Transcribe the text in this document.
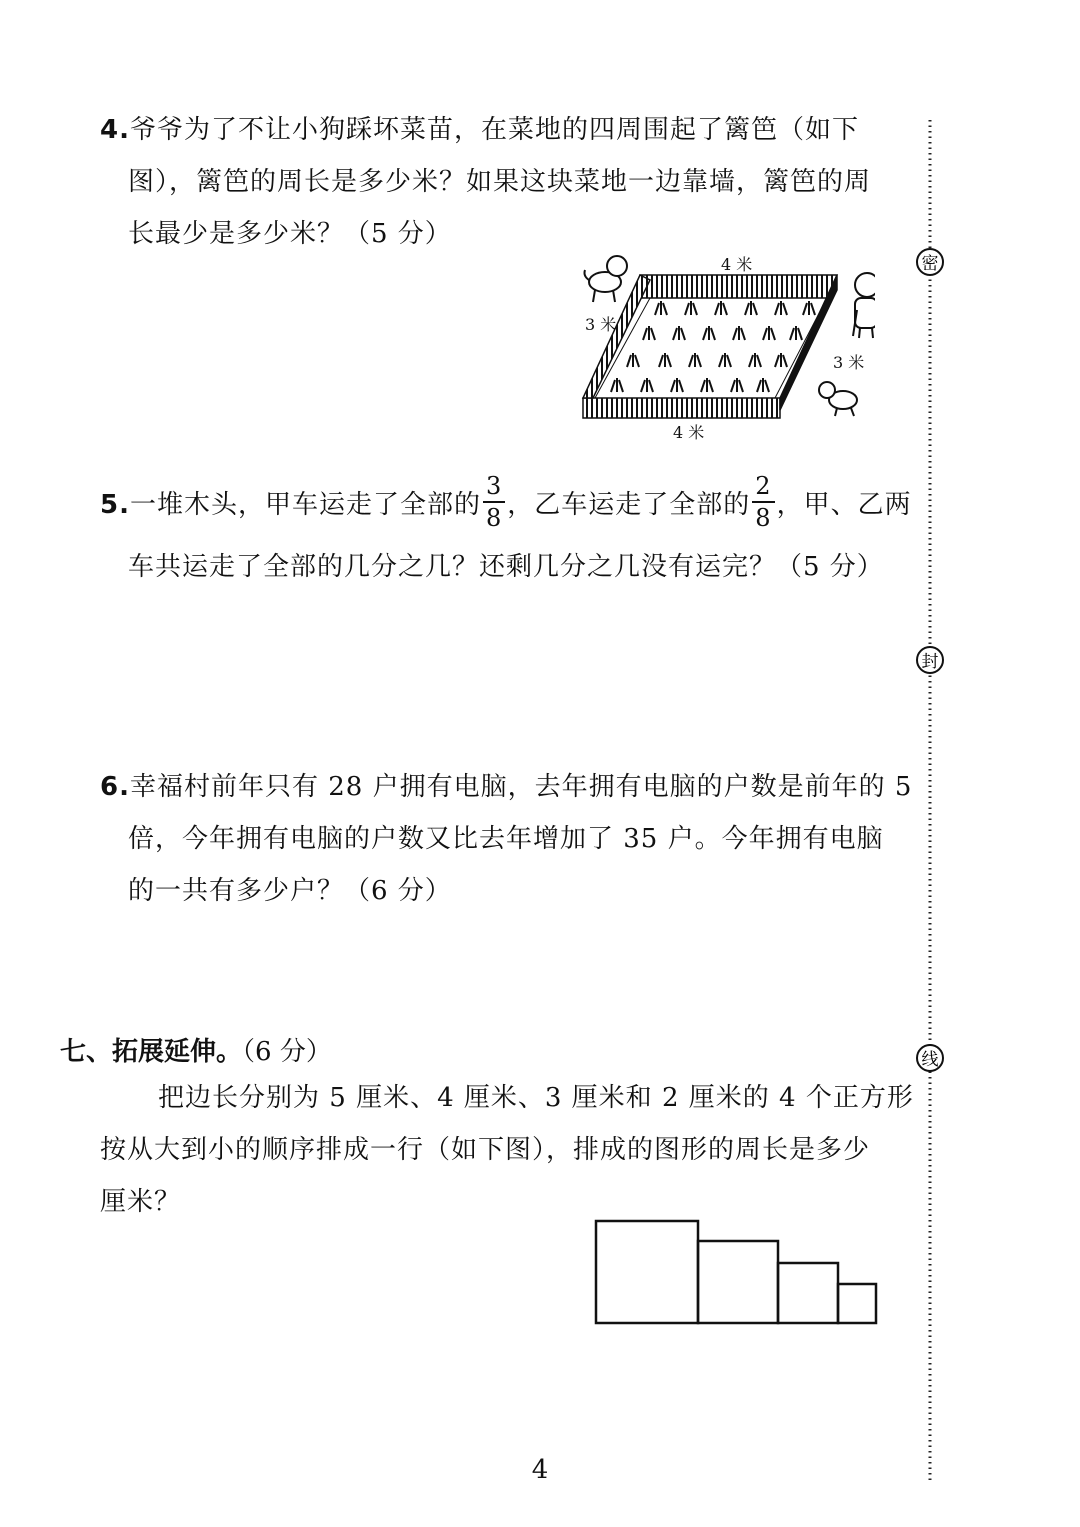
4.爷爷为了不让小狗踩坏菜苗，在菜地的四周围起了篱笆（如下
图），篱笆的周长是多少米？如果这块菜地一边靠墙，篱笆的周
长最少是多少米？（5 分）
4 米
4 米
3 米
3 米
5.一堆木头，甲车运走了全部的 $\frac{3}{8}$ ，乙车运走了全部的 $\frac{2}{8}$ ，甲、乙两
车共运走了全部的几分之几？还剩几分之几没有运完？（5 分）
6.幸福村前年只有 28 户拥有电脑，去年拥有电脑的户数是前年的 5
倍，今年拥有电脑的户数又比去年增加了 35 户。今年拥有电脑
的一共有多少户？（6 分）
七、拓展延伸。（6 分）
把边长分别为 5 厘米、4 厘米、3 厘米和 2 厘米的 4 个正方形
按从大到小的顺序排成一行（如下图），排成的图形的周长是多少
厘米？
密
封
线
4
